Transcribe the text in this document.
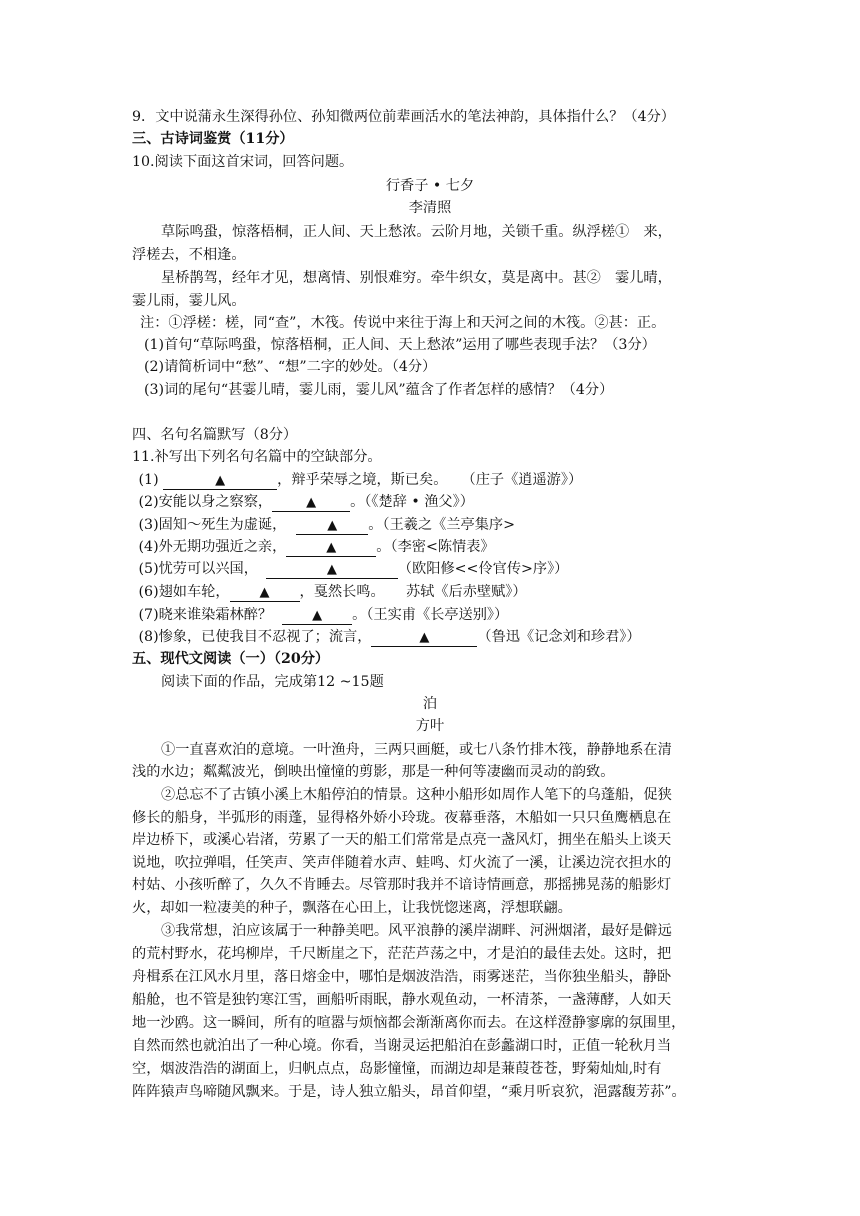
9．文中说蒲永生深得孙位、孙知微两位前辈画活水的笔法神韵，具体指什么？（4分）
三、古诗词鉴赏（11分）
10.阅读下面这首宋词，回答问题。
行香子 • 七夕
李清照
草际鸣蛩，惊落梧桐，正人间、天上愁浓。云阶月地，关锁千重。纵浮槎①　来，
浮槎去，不相逢。
星桥鹊驾，经年才见，想离情、别恨难穷。牵牛织女，莫是离中。甚②　霎儿晴，
霎儿雨，霎儿风。
注：①浮槎：槎，同“查”，木筏。传说中来往于海上和天河之间的木筏。②甚：正。
(1)首句“草际鸣蛩，惊落梧桐，正人间、天上愁浓”运用了哪些表现手法？（3分）
(2)请简析词中“愁”、“想”二字的妙处。（4分）
(3)词的尾句“甚霎儿晴，霎儿雨，霎儿风”蕴含了作者怎样的感情？（4分）
四、名句名篇默写（8分）
11.补写出下列名句名篇中的空缺部分。
(1)	▲	，辩乎荣辱之境，斯已矣。　　（庄子《逍遥游》）
(2)安能以身之察察，	▲ 。（《楚辞 • 渔父》）
(3)固知～死生为虚诞，	▲ 。（王羲之《兰亭集序>
(4)外无期功强近之亲，	▲	。（李密<陈情表》
(5)忧劳可以兴国，	▲	（欧阳修<<伶官传>序》）
(6)翅如车轮， ▲ ，戛然长鸣。　　苏轼《后赤壁赋》）
(7)晓来谁染霜林醉？	▲ 。（王实甫《长亭送别》）
(8)惨象，已使我目不忍视了；流言，	▲	（鲁迅《记念刘和珍君》）
五、现代文阅读（一）（20分）
阅读下面的作品，完成第12 ~15题
泊
方叶
①一直喜欢泊的意境。一叶渔舟，三两只画艇，或七八条竹排木筏，静静地系在清
浅的水边；粼粼波光，倒映出憧憧的剪影，那是一种何等凄幽而灵动的韵致。
②总忘不了古镇小溪上木船停泊的情景。这种小船形如周作人笔下的乌蓬船，促狭
修长的船身，半弧形的雨蓬，显得格外娇小玲珑。夜幕垂落，木船如一只只鱼鹰栖息在
岸边桥下，或溪心岩渚，劳累了一天的船工们常常是点亮一盏风灯，拥坐在船头上谈天
说地，吹拉弹唱，任笑声、笑声伴随着水声、蛙鸣、灯火流了一溪，让溪边浣衣担水的
村姑、小孩听醉了，久久不肯睡去。尽管那时我并不谙诗情画意，那摇拂晃荡的船影灯
火，却如一粒凄美的种子，飘落在心田上，让我恍惚迷离，浮想联翩。
③我常想，泊应该属于一种静美吧。风平浪静的溪岸湖畔、河洲烟渚，最好是僻远
的荒村野水，花坞柳岸，千尺断崖之下，茫茫芦荡之中，才是泊的最佳去处。这时，把
舟楫系在江风水月里，落日熔金中，哪怕是烟波浩浩，雨雾迷茫，当你独坐船头，静卧
船舱，也不管是独钓寒江雪，画船听雨眠，静水观鱼动，一杯清茶，一盏薄酵，人如天
地一沙鸥。这一瞬间，所有的喧嚣与烦恼都会渐渐离你而去。在这样澄静寥廓的氛围里，
自然而然也就泊出了一种心境。你看，当谢灵运把船泊在彭蠡湖口时，正值一轮秋月当
空，烟波浩浩的湖面上，归帆点点，岛影憧憧，而湖边却是蒹葭苍苍，野菊灿灿,时有
阵阵猿声鸟啼随风飘来。于是，诗人独立船头，昂首仰望，“乘月听哀狖，浥露馥芳荪”。
